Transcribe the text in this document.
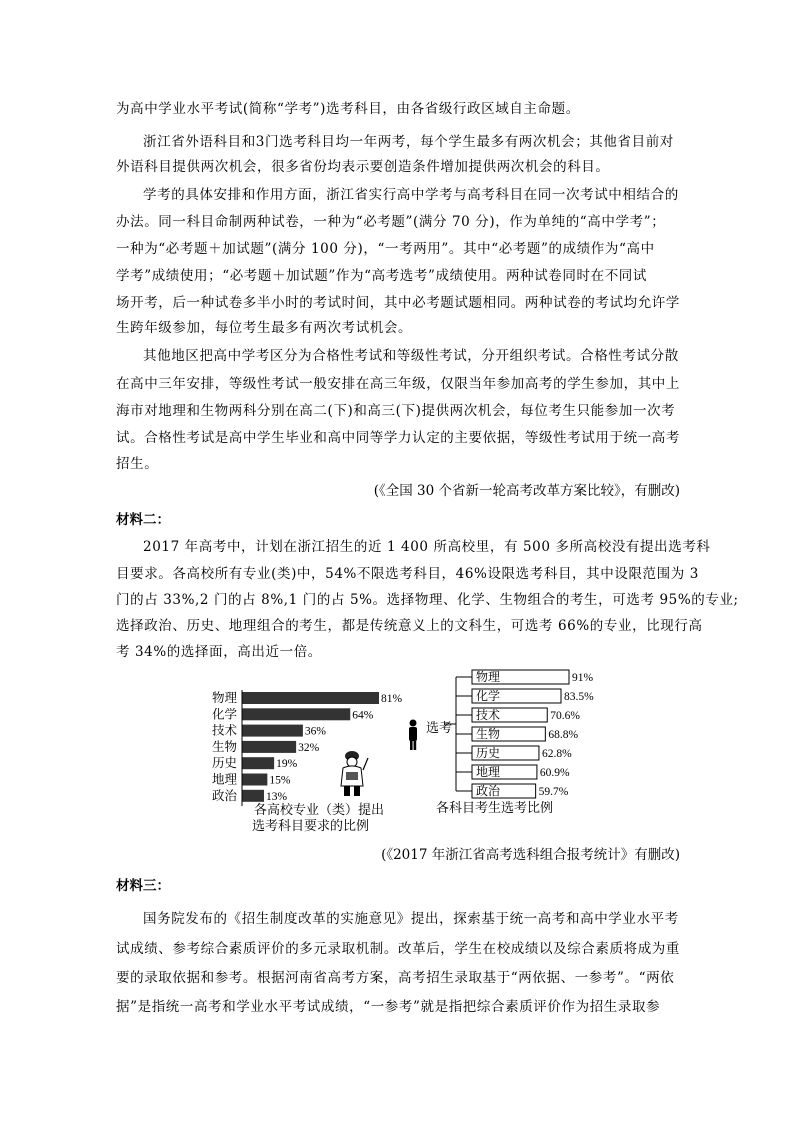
为高中学业水平考试(简称“学考”)选考科目，由各省级行政区域自主命题。
浙江省外语科目和3门选考科目均一年两考，每个学生最多有两次机会；其他省目前对
外语科目提供两次机会，很多省份均表示要创造条件增加提供两次机会的科目。
学考的具体安排和作用方面，浙江省实行高中学考与高考科目在同一次考试中相结合的
办法。同一科目命制两种试卷，一种为“必考题”(满分 70 分)，作为单纯的“高中学考”；
一种为“必考题＋加试题”(满分 100 分)，“一考两用”。其中“必考题”的成绩作为“高中
学考”成绩使用；“必考题＋加试题”作为“高考选考”成绩使用。两种试卷同时在不同试
场开考，后一种试卷多半小时的考试时间，其中必考题试题相同。两种试卷的考试均允许学
生跨年级参加，每位考生最多有两次考试机会。
其他地区把高中学考区分为合格性考试和等级性考试，分开组织考试。合格性考试分散
在高中三年安排，等级性考试一般安排在高三年级，仅限当年参加高考的学生参加，其中上
海市对地理和生物两科分别在高二(下)和高三(下)提供两次机会，每位考生只能参加一次考
试。合格性考试是高中学生毕业和高中同等学力认定的主要依据，等级性考试用于统一高考
招生。
(《全国 30 个省新一轮高考改革方案比较》，有删改)
材料二：
2017 年高考中，计划在浙江招生的近 1 400 所高校里，有 500 多所高校没有提出选考科
目要求。各高校所有专业(类)中，54%不限选考科目，46%设限选考科目，其中设限范围为 3
门的占 33%,2 门的占 8%,1 门的占 5%。选择物理、化学、生物组合的考生，可选考 95%的专业;
选择政治、历史、地理组合的考生，都是传统意义上的文科生，可选考 66%的专业，比现行高
考 34%的选择面，高出近一倍。
物理	81%
化学	64%
技术	36%
生物	32%
历史	19%
地理	15%
政治	13%
物理	91%
化学	83.5%
技术	70.6%
生物	68.8%
历史	62.8%
地理	60.9%
政治	59.7%
选考
各高校专业（类）提出
选考科目要求的比例
各科目考生选考比例
(《2017 年浙江省高考选科组合报考统计》有删改)
材料三：
国务院发布的《招生制度改革的实施意见》提出，探索基于统一高考和高中学业水平考
试成绩、参考综合素质评价的多元录取机制。改革后，学生在校成绩以及综合素质将成为重
要的录取依据和参考。根据河南省高考方案，高考招生录取基于“两依据、一参考”。“两依
据”是指统一高考和学业水平考试成绩，“一参考”就是指把综合素质评价作为招生录取参
